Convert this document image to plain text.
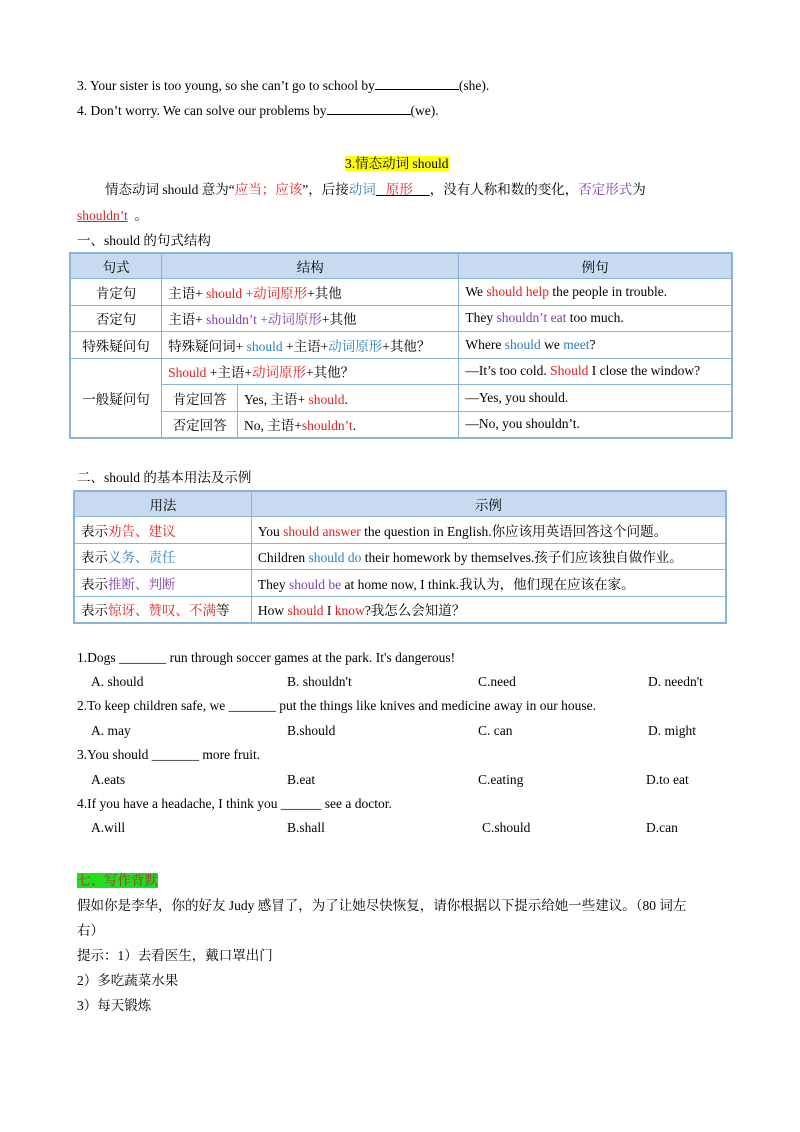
3. Your sister is too young, so she can’t go to school by	(she).
4. Don’t worry. We can solve our problems by	(we).
3.情态动词 should
情态动词 should 意为“应当；应该”，后接动词 原形 ，没有人称和数的变化，否定形式为
shouldn’t 。
一、should 的句式结构
句式	结构		例句
肯定句	主语+ should +动词原形+其他		We should help the people in trouble.
否定句	主语+ shouldn’t +动词原形+其他		They shouldn’t eat too much.
特殊疑问句	特殊疑问词+ should +主语+动词原形+其他？		Where should we meet?
一般疑问句	Should +主语+动词原形+其他？		—It’s too cold. Should I close the window?
	肯定回答	Yes, 主语+ should.	—Yes, you should.
	否定回答	No, 主语+shouldn’t.	—No, you shouldn’t.
二、should 的基本用法及示例
用法	示例
表示劝告、建议	You should answer the question in English.你应该用英语回答这个问题。
表示义务、责任	Children should do their homework by themselves.孩子们应该独自做作业。
表示推断、判断	They should be at home now, I think.我认为，他们现在应该在家。
表示惊讶、赞叹、不满等	How should I know?我怎么会知道？
1.Dogs _______ run through soccer games at the park. It's dangerous!
A. should	B. shouldn't	C.need	D. needn't
2.To keep children safe, we _______ put the things like knives and medicine away in our house.
A. may	B.should	C. can	D. might
3.You should _______ more fruit.
A.eats	B.eat	C.eating	D.to eat
4.If you have a headache, I think you ______ see a doctor.
A.will	B.shall	C.should	D.can
七、写作背默
假如你是李华，你的好友 Judy 感冒了，为了让她尽快恢复，请你根据以下提示给她一些建议。（80 词左
右）
提示：1）去看医生，戴口罩出门
2）多吃蔬菜水果
3）每天锻炼
